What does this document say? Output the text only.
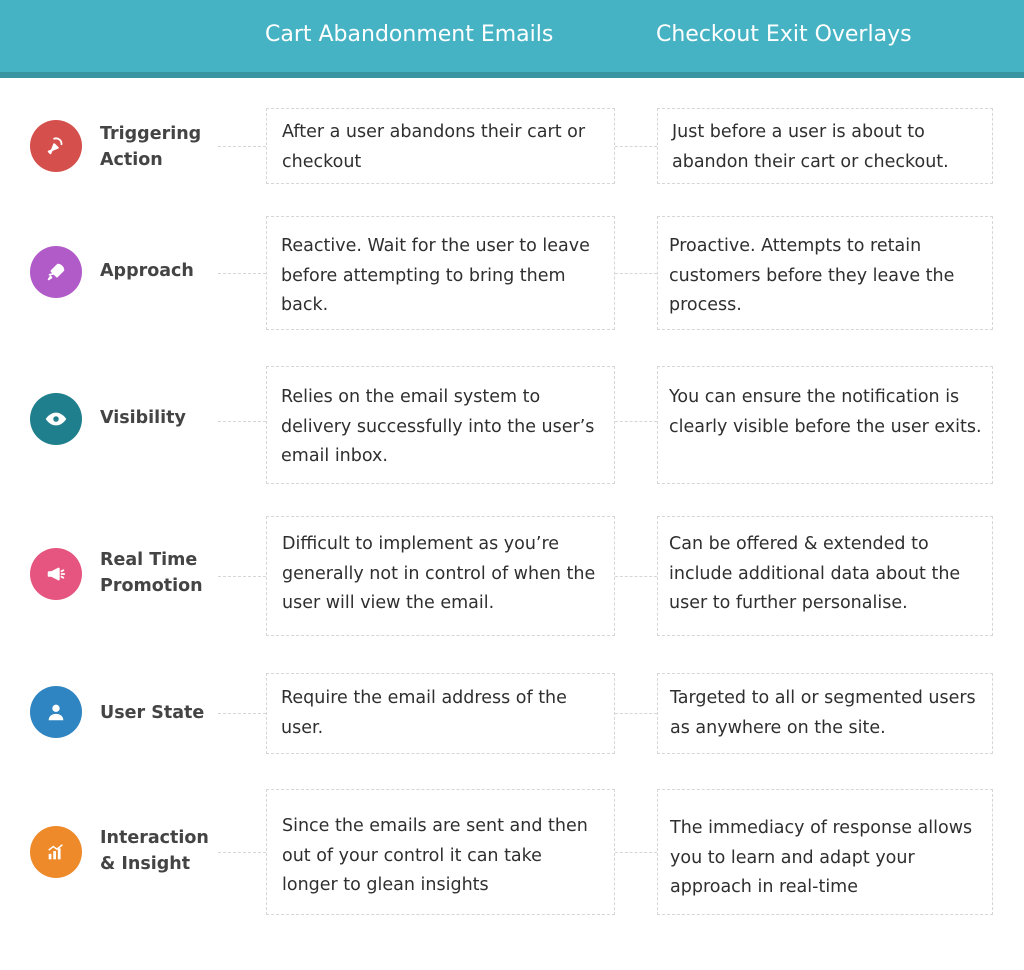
Cart Abandonment Emails	Checkout Exit Overlays
Triggering Action
After a user abandons their cart or checkout
Just before a user is about to abandon their cart or checkout.
Approach
Reactive. Wait for the user to leave before attempting to bring them back.
Proactive. Attempts to retain customers before they leave the process.
Visibility
Relies on the email system to delivery successfully into the user’s email inbox.
You can ensure the notification is clearly visible before the user exits.
Real Time Promotion
Difficult to implement as you’re generally not in control of when the user will view the email.
Can be offered & extended to include additional data about the user to further personalise.
User State
Require the email address of the user.
Targeted to all or segmented users as anywhere on the site.
Interaction & Insight
Since the emails are sent and then out of your control it can take longer to glean insights
The immediacy of response allows you to learn and adapt your approach in real-time
